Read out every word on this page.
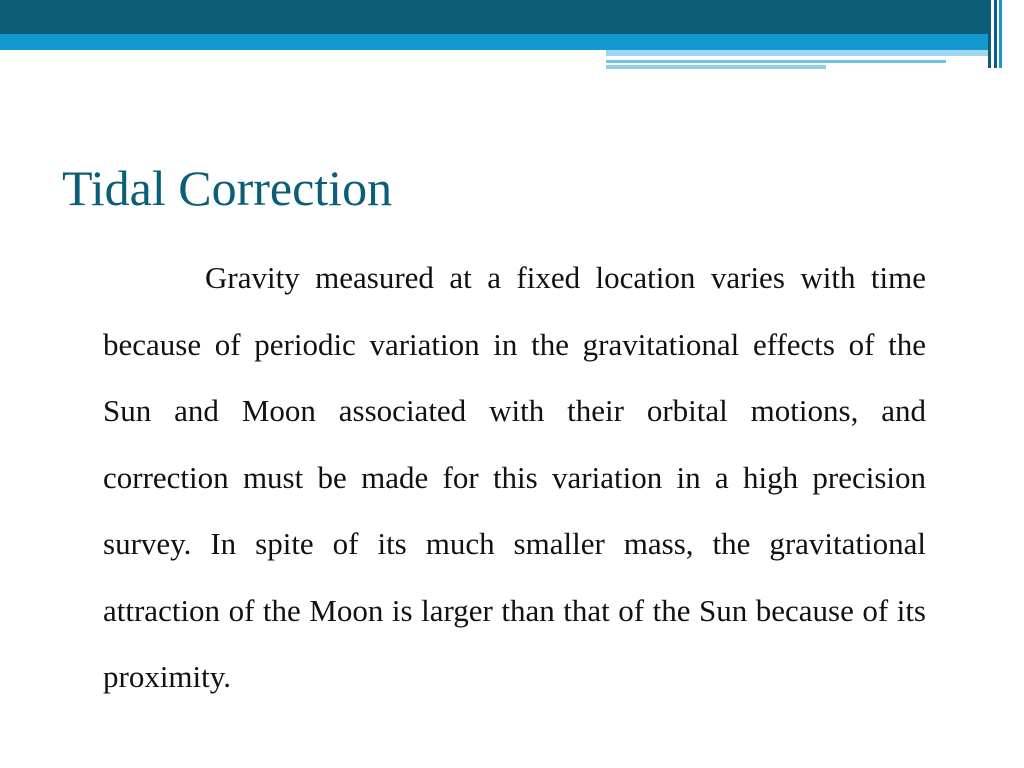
Tidal Correction

Gravity measured at a fixed location varies with time because of periodic variation in the gravitational effects of the Sun and Moon associated with their orbital motions, and correction must be made for this variation in a high precision survey. In spite of its much smaller mass, the gravitational attraction of the Moon is larger than that of the Sun because of its proximity.
